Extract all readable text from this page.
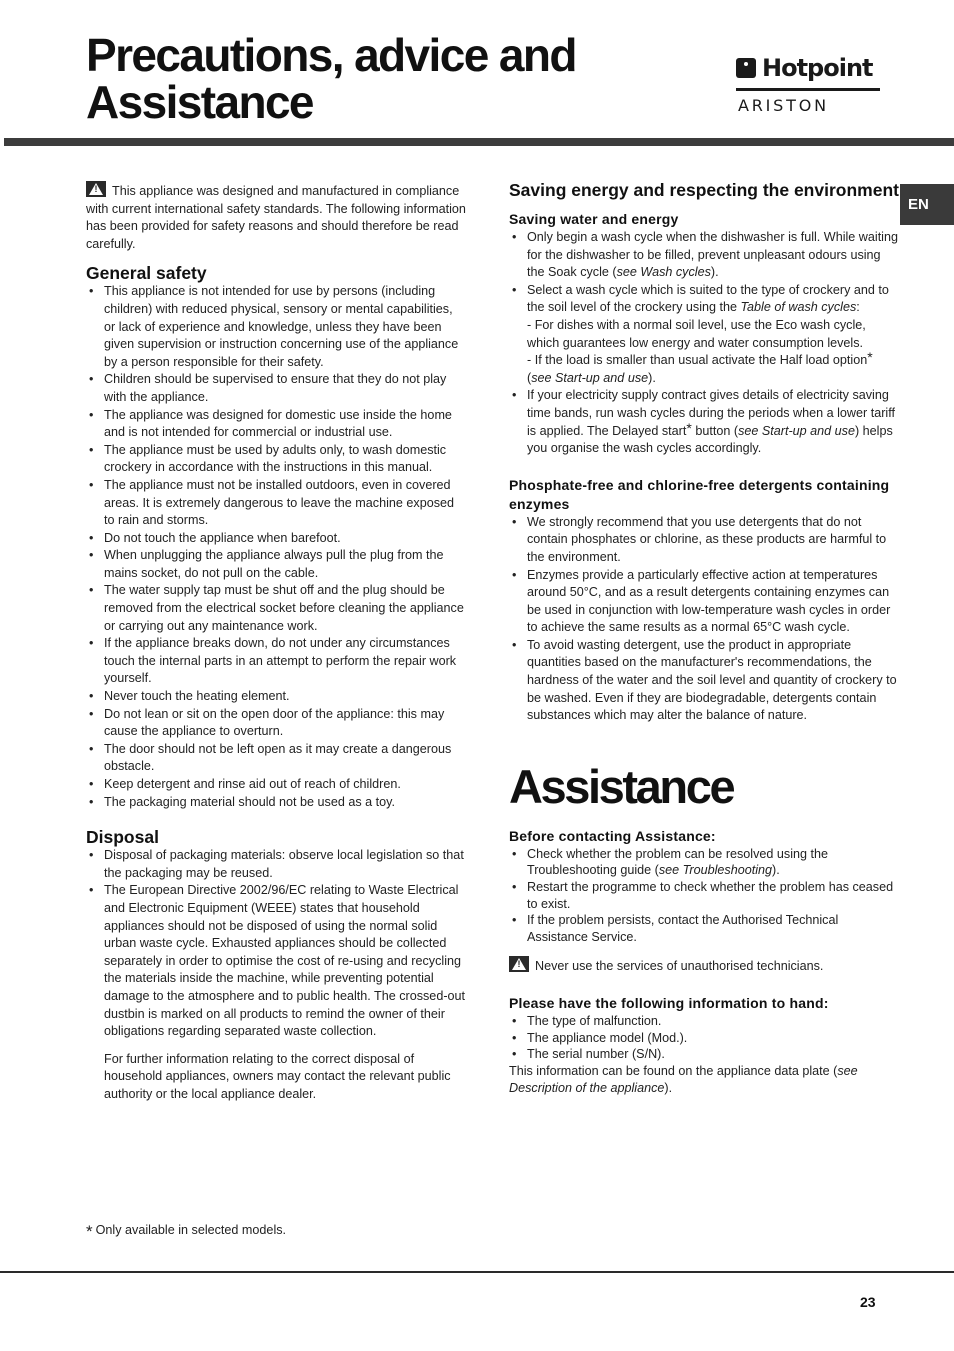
Precautions, advice and
Assistance
Hotpoint
ARISTON
EN

!This appliance was designed and manufactured in compliance with current international safety standards. The following information has been provided for safety reasons and should therefore be read carefully.

General safety
• This appliance is not intended for use by persons (including children) with reduced physical, sensory or mental capabilities, or lack of experience and knowledge, unless they have been given supervision or instruction concerning use of the appliance by a person responsible for their safety.
• Children should be supervised to ensure that they do not play with the appliance.
• The appliance was designed for domestic use inside the home and is not intended for commercial or industrial use.
• The appliance must be used by adults only, to wash domestic crockery in accordance with the instructions in this manual.
• The appliance must not be installed outdoors, even in covered areas. It is extremely dangerous to leave the machine exposed to rain and storms.
• Do not touch the appliance when barefoot.
• When unplugging the appliance always pull the plug from the mains socket, do not pull on the cable.
• The water supply tap must be shut off and the plug should be removed from the electrical socket before cleaning the appliance or carrying out any maintenance work.
• If the appliance breaks down, do not under any circumstances touch the internal parts in an attempt to perform the repair work yourself.
• Never touch the heating element.
• Do not lean or sit on the open door of the appliance: this may cause the appliance to overturn.
• The door should not be left open as it may create a dangerous obstacle.
• Keep detergent and rinse aid out of reach of children.
• The packaging material should not be used as a toy.
Disposal
• Disposal of packaging materials: observe local legislation so that the packaging may be reused.
• The European Directive 2002/96/EC relating to Waste Electrical and Electronic Equipment (WEEE) states that household appliances should not be disposed of using the normal solid urban waste cycle. Exhausted appliances should be collected separately in order to optimise the cost of re-using and recycling the materials inside the machine, while preventing potential damage to the atmosphere and to public health. The crossed-out dustbin is marked on all products to remind the owner of their obligations regarding separated waste collection.

For further information relating to the correct disposal of household appliances, owners may contact the relevant public authority or the local appliance dealer.

* Only available in selected models.
Saving energy and respecting the environment
Saving water and energy
• Only begin a wash cycle when the dishwasher is full. While waiting for the dishwasher to be filled, prevent unpleasant odours using the Soak cycle (see Wash cycles).
• Select a wash cycle which is suited to the type of crockery and to the soil level of the crockery using the Table of wash cycles:
- For dishes with a normal soil level, use the Eco wash cycle, which guarantees low energy and water consumption levels.
- If the load is smaller than usual activate the Half load option* (see Start-up and use).
• If your electricity supply contract gives details of electricity saving time bands, run wash cycles during the periods when a lower tariff is applied. The Delayed start* button (see Start-up and use) helps you organise the wash cycles accordingly.
Phosphate-free and chlorine-free detergents containing enzymes
• We strongly recommend that you use detergents that do not contain phosphates or chlorine, as these products are harmful to the environment.
• Enzymes provide a particularly effective action at temperatures around 50°C, and as a result detergents containing enzymes can be used in conjunction with low-temperature wash cycles in order to achieve the same results as a normal 65°C wash cycle.
• To avoid wasting detergent, use the product in appropriate quantities based on the manufacturer's recommendations, the hardness of the water and the soil level and quantity of crockery to be washed. Even if they are biodegradable, detergents contain substances which may alter the balance of nature.
Assistance
Before contacting Assistance:
• Check whether the problem can be resolved using the Troubleshooting guide (see Troubleshooting).
• Restart the programme to check whether the problem has ceased to exist.
• If the problem persists, contact the Authorised Technical Assistance Service.

!Never use the services of unauthorised technicians.

Please have the following information to hand:
• The type of malfunction.
• The appliance model (Mod.).
• The serial number (S/N).

This information can be found on the appliance data plate (see Description of the appliance).

23
